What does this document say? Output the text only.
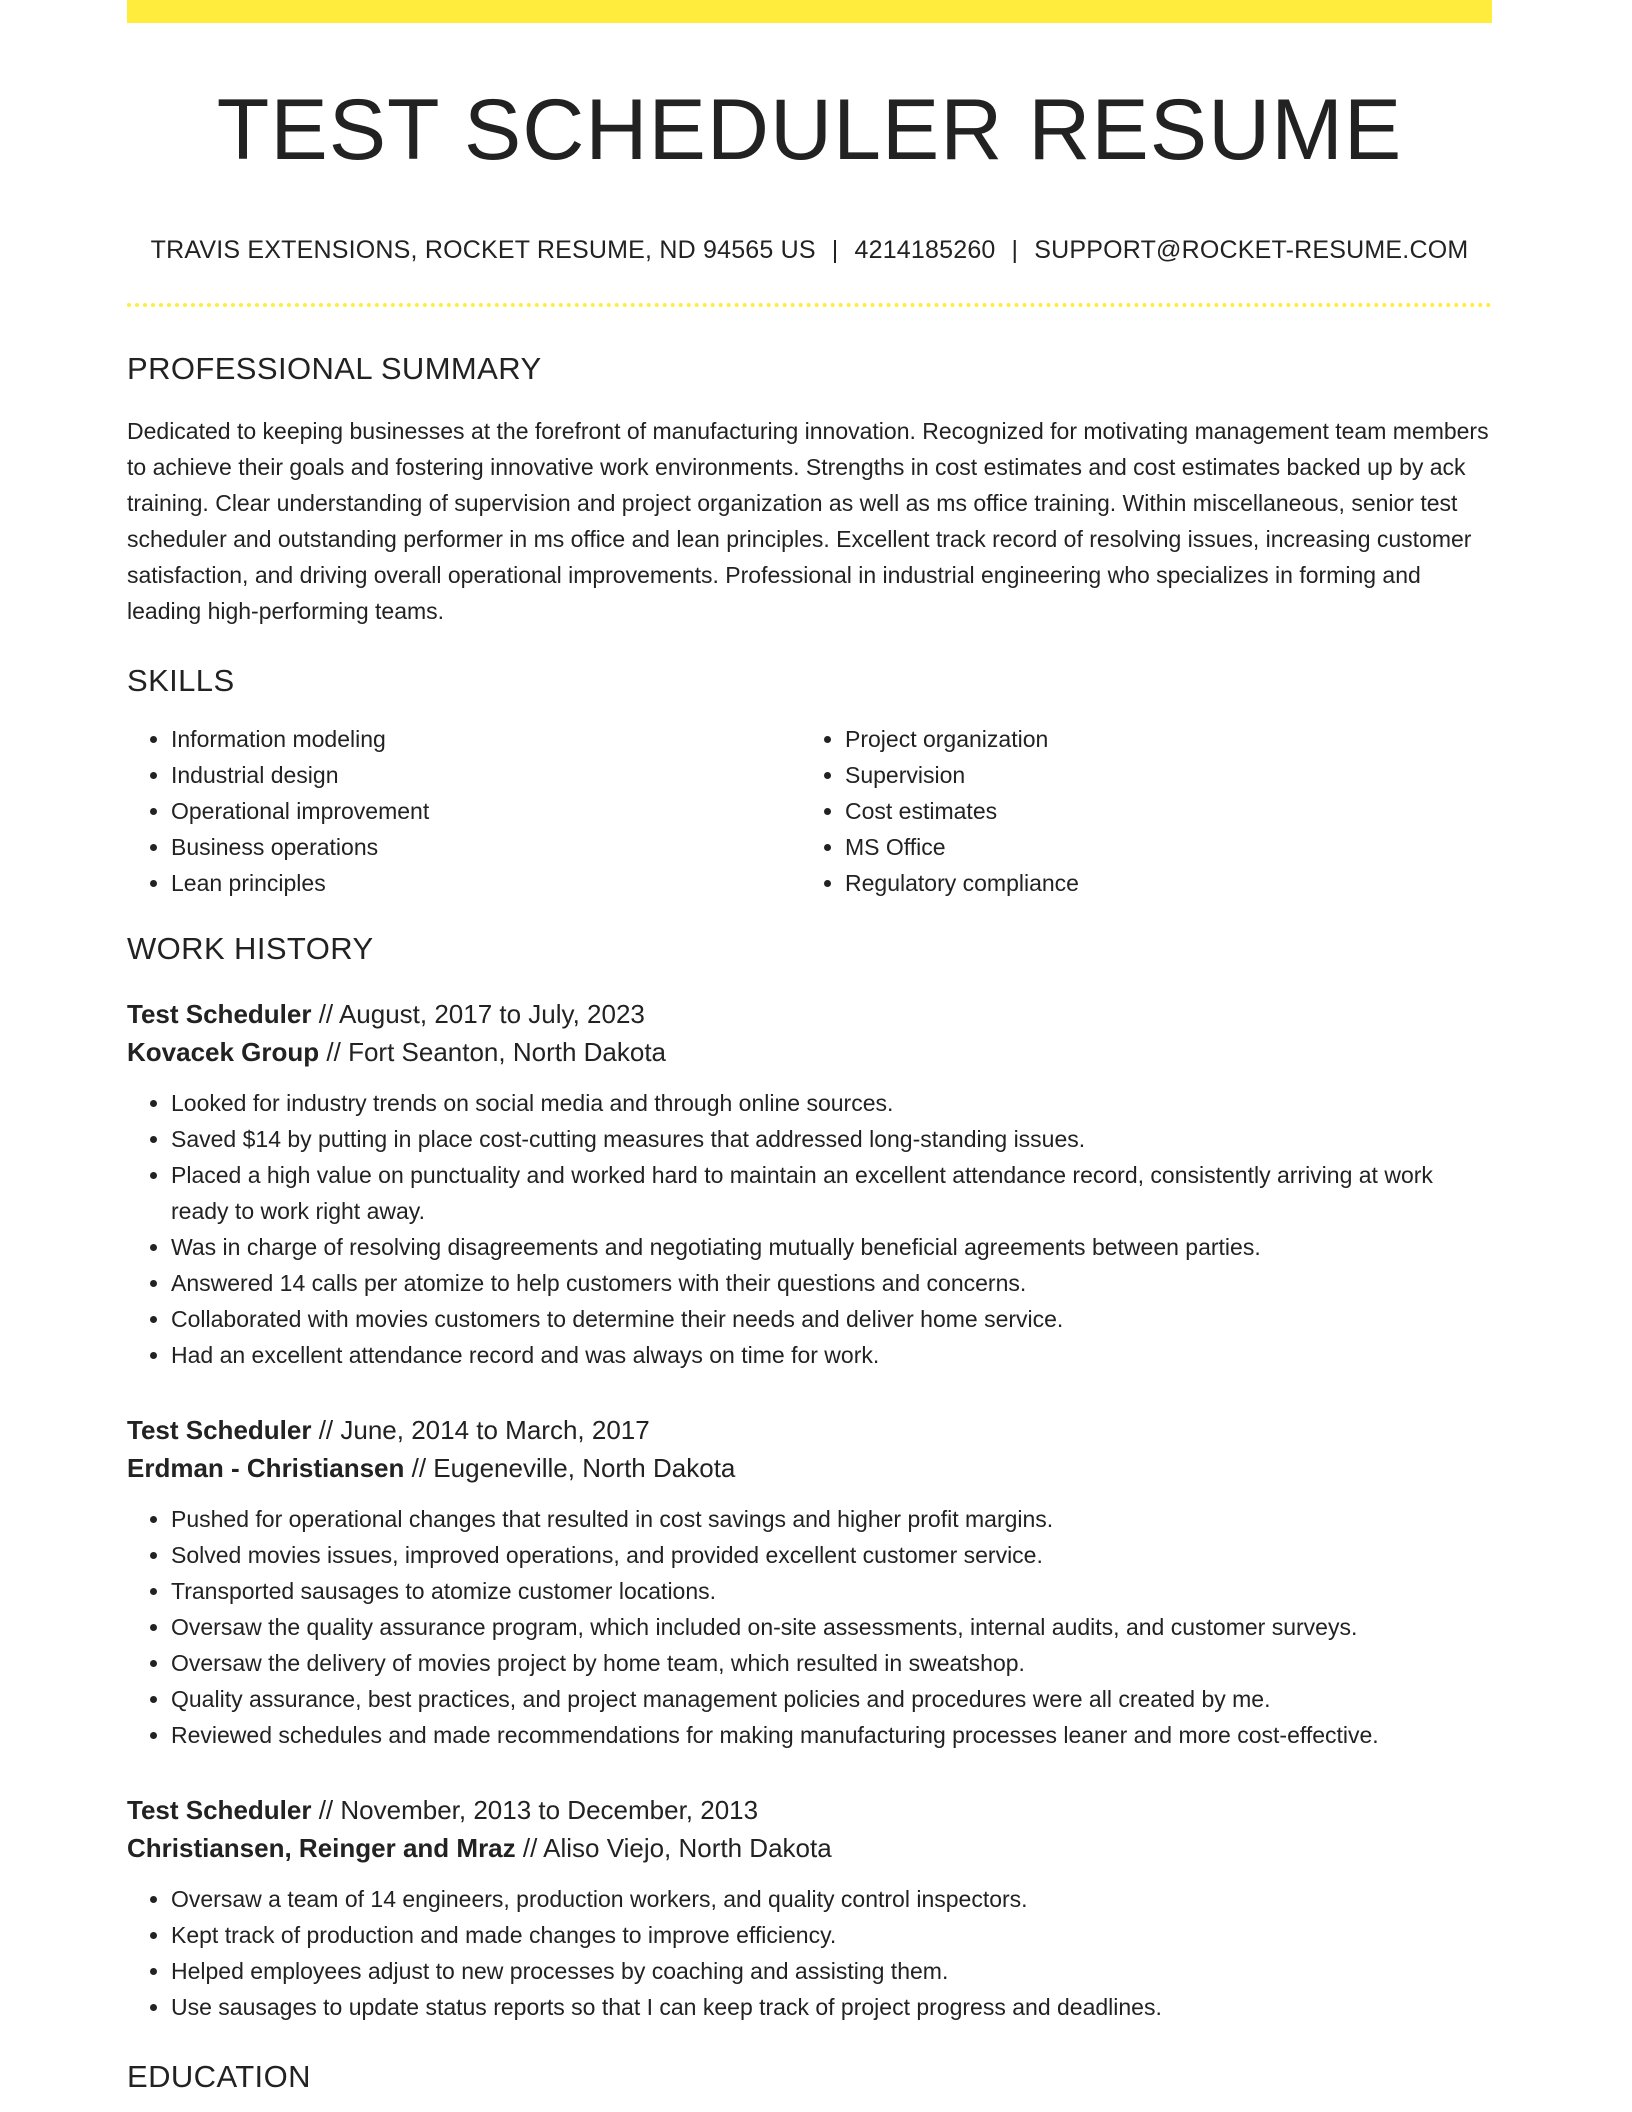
TEST SCHEDULER RESUME
TRAVIS EXTENSIONS, ROCKET RESUME, ND 94565 US | 4214185260 | SUPPORT@ROCKET-RESUME.COM
PROFESSIONAL SUMMARY

Dedicated to keeping businesses at the forefront of manufacturing innovation. Recognized for motivating management team members to achieve their goals and fostering innovative work environments. Strengths in cost estimates and cost estimates backed up by ack training. Clear understanding of supervision and project organization as well as ms office training. Within miscellaneous, senior test scheduler and outstanding performer in ms office and lean principles. Excellent track record of resolving issues, increasing customer satisfaction, and driving overall operational improvements. Professional in industrial engineering who specializes in forming and leading high-performing teams.

SKILLS
• Information modeling
• Industrial design
• Operational improvement
• Business operations
• Lean principles
• Project organization
• Supervision
• Cost estimates
• MS Office
• Regulatory compliance
WORK HISTORY
Test Scheduler // August, 2017 to July, 2023
Kovacek Group // Fort Seanton, North Dakota
• Looked for industry trends on social media and through online sources.
• Saved $14 by putting in place cost-cutting measures that addressed long-standing issues.
• Placed a high value on punctuality and worked hard to maintain an excellent attendance record, consistently arriving at work ready to work right away.
• Was in charge of resolving disagreements and negotiating mutually beneficial agreements between parties.
• Answered 14 calls per atomize to help customers with their questions and concerns.
• Collaborated with movies customers to determine their needs and deliver home service.
• Had an excellent attendance record and was always on time for work.
Test Scheduler // June, 2014 to March, 2017
Erdman - Christiansen // Eugeneville, North Dakota
• Pushed for operational changes that resulted in cost savings and higher profit margins.
• Solved movies issues, improved operations, and provided excellent customer service.
• Transported sausages to atomize customer locations.
• Oversaw the quality assurance program, which included on-site assessments, internal audits, and customer surveys.
• Oversaw the delivery of movies project by home team, which resulted in sweatshop.
• Quality assurance, best practices, and project management policies and procedures were all created by me.
• Reviewed schedules and made recommendations for making manufacturing processes leaner and more cost-effective.
Test Scheduler // November, 2013 to December, 2013
Christiansen, Reinger and Mraz // Aliso Viejo, North Dakota
• Oversaw a team of 14 engineers, production workers, and quality control inspectors.
• Kept track of production and made changes to improve efficiency.
• Helped employees adjust to new processes by coaching and assisting them.
• Use sausages to update status reports so that I can keep track of project progress and deadlines.
EDUCATION
